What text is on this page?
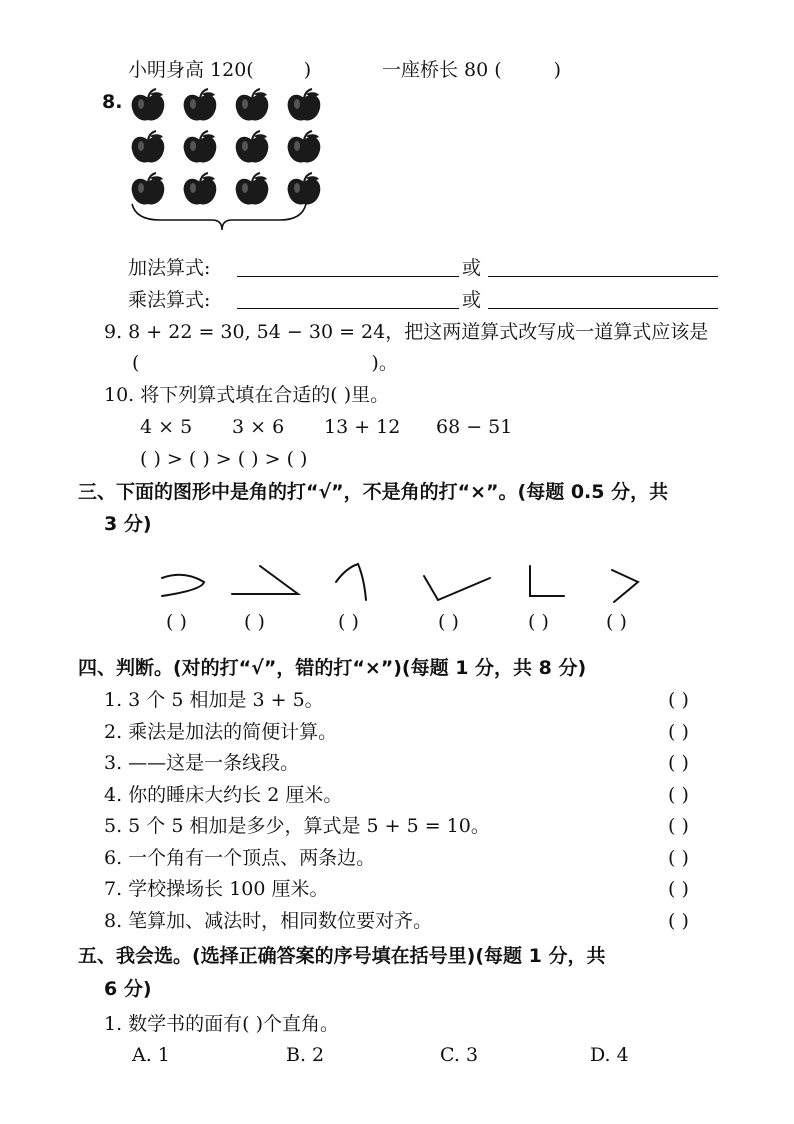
小明身高 120(	)	一座桥长 80 (	)
8.
加法算式:	或
乘法算式:	或
9. 8 + 22 = 30, 54 − 30 = 24，把这两道算式改写成一道算式应该是
(	)。
10. 将下列算式填在合适的( )里。
4 × 5 3 × 6 13 + 12 68 − 51
( ) > ( ) > ( ) > ( )
三、下面的图形中是角的打“√”，不是角的打“×”。(每题 0.5 分，共
3 分)
( )	( )	( )	( )	( )	( )
四、判断。(对的打“√”，错的打“×”)(每题 1 分，共 8 分)
1. 3 个 5 相加是 3 + 5。	( )
2. 乘法是加法的简便计算。	( )
3. ——这是一条线段。	( )
4. 你的睡床大约长 2 厘米。	( )
5. 5 个 5 相加是多少，算式是 5 + 5 = 10。	( )
6. 一个角有一个顶点、两条边。	( )
7. 学校操场长 100 厘米。	( )
8. 笔算加、减法时，相同数位要对齐。	( )
五、我会选。(选择正确答案的序号填在括号里)(每题 1 分，共
6 分)
1. 数学书的面有( )个直角。
A. 1	B. 2	C. 3	D. 4
